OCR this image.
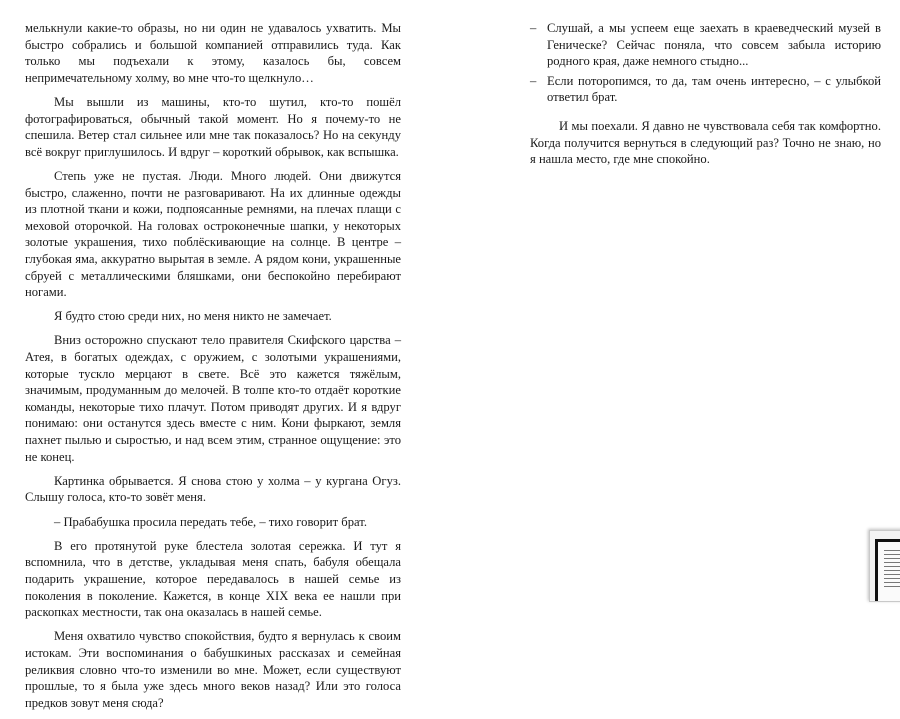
мелькнули какие-то образы, но ни один не удавалось ухватить. Мы быстро собрались и большой компанией отправились туда. Как только мы подъехали к этому, казалось бы, совсем непримечательному холму, во мне что-то щелкнуло…

Мы вышли из машины, кто-то шутил, кто-то пошёл фотографироваться, обычный такой момент. Но я почему-то не спешила. Ветер стал сильнее или мне так показалось? Но на секунду всё вокруг приглушилось. И вдруг – короткий обрывок, как вспышка.

Степь уже не пустая. Люди. Много людей. Они движутся быстро, слаженно, почти не разговаривают. На их длинные одежды из плотной ткани и кожи, подпоясанные ремнями, на плечах плащи с меховой оторочкой. На головах остроконечные шапки, у некоторых золотые украшения, тихо поблёскивающие на солнце. В центре – глубокая яма, аккуратно вырытая в земле. А рядом кони, украшенные сбруей с металлическими бляшками, они беспокойно перебирают ногами.

Я будто стою среди них, но меня никто не замечает.

Вниз осторожно спускают тело правителя Скифского царства – Атея, в богатых одеждах, с оружием, с золотыми украшениями, которые тускло мерцают в свете. Всё это кажется тяжёлым, значимым, продуманным до мелочей. В толпе кто-то отдаёт короткие команды, некоторые тихо плачут. Потом приводят других. И я вдруг понимаю: они останутся здесь вместе с ним. Кони фыркают, земля пахнет пылью и сыростью, и над всем этим, странное ощущение: это не конец.

Картинка обрывается. Я снова стою у холма – у кургана Огуз. Слышу голоса, кто-то зовёт меня.

– Прабабушка просила передать тебе, – тихо говорит брат.

В его протянутой руке блестела золотая сережка. И тут я вспомнила, что в детстве, укладывая меня спать, бабуля обещала подарить украшение, которое передавалось в нашей семье из поколения в поколение. Кажется, в конце XIX века ее нашли при раскопках местности, так она оказалась в нашей семье.

Меня охватило чувство спокойствия, будто я вернулась к своим истокам. Эти воспоминания о бабушкиных рассказах и семейная реликвия словно что-то изменили во мне. Может, если существуют прошлые, то я была уже здесь много веков назад? Или это голоса предков зовут меня сюда?

– Слушай, а мы успеем еще заехать в краеведческий музей в Геническе? Сейчас поняла, что совсем забыла историю родного края, даже немного стыдно...

– Если поторопимся, то да, там очень интересно, – с улыбкой ответил брат.

И мы поехали. Я давно не чувствовала себя так комфортно. Когда получится вернуться в следующий раз? Точно не знаю, но я нашла место, где мне спокойно.
